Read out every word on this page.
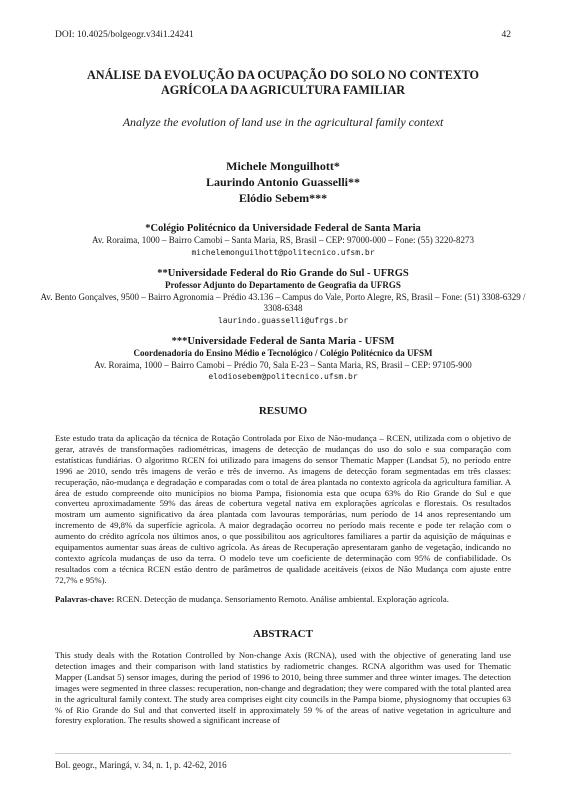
DOI: 10.4025/bolgeogr.v34i1.24241	42
ANÁLISE DA EVOLUÇÃO DA OCUPAÇÃO DO SOLO NO CONTEXTO
AGRÍCOLA DA AGRICULTURA FAMILIAR
Analyze the evolution of land use in the agricultural family context
Michele Monguilhott*
Laurindo Antonio Guasselli**
Elódio Sebem***
*Colégio Politécnico da Universidade Federal de Santa Maria
Av. Roraima, 1000 – Bairro Camobi – Santa Maria, RS, Brasil – CEP: 97000-000 – Fone: (55) 3220-8273
michelemonguilhott@politecnico.ufsm.br
**Universidade Federal do Rio Grande do Sul - UFRGS
Professor Adjunto do Departamento de Geografia da UFRGS
Av. Bento Gonçalves, 9500 – Bairro Agronomia – Prédio 43.136 – Campus do Vale, Porto Alegre, RS, Brasil – Fone: (51) 3308-6329 / 3308-6348
laurindo.guasselli@ufrgs.br
***Universidade Federal de Santa Maria - UFSM
Coordenadoria do Ensino Médio e Tecnológico / Colégio Politécnico da UFSM
Av. Roraima, 1000 – Bairro Camobi – Prédio 70, Sala E-23 – Santa Maria, RS, Brasil – CEP: 97105-900
elodiosebem@politecnico.ufsm.br
RESUMO
Este estudo trata da aplicação da técnica de Rotação Controlada por Eixo de Não-mudança – RCEN, utilizada com o objetivo de gerar, através de transformações radiométricas, imagens de detecção de mudanças do uso do solo e sua comparação com estatísticas fundiárias. O algoritmo RCEN foi utilizado para imagens do sensor Thematic Mapper (Landsat 5), no período entre 1996 ae 2010, sendo três imagens de verão e três de inverno. As imagens de detecção foram segmentadas em três classes: recuperação, não-mudança e degradação e comparadas com o total de área plantada no contexto agrícola da agricultura familiar. A área de estudo compreende oito municípios no bioma Pampa, fisionomia esta que ocupa 63% do Rio Grande do Sul e que converteu aproximadamente 59% das áreas de cobertura vegetal nativa em explorações agrícolas e florestais. Os resultados mostram um aumento significativo da área plantada com lavouras temporárias, num período de 14 anos representando um incremento de 49,8% da superfície agrícola. A maior degradação ocorreu no período mais recente e pode ter relação com o aumento do crédito agrícola nos últimos anos, o que possibilitou aos agricultores familiares a partir da aquisição de máquinas e equipamentos aumentar suas áreas de cultivo agrícola. As áreas de Recuperação apresentaram ganho de vegetação, indicando no contexto agrícola mudanças de uso da terra. O modelo teve um coeficiente de determinação com 95% de confiabilidade. Os resultados com a técnica RCEN estão dentro de parâmetros de qualidade aceitáveis (eixos de Não Mudança com ajuste entre 72,7% e 95%).
Palavras-chave: RCEN. Detecção de mudança. Sensoriamento Remoto. Análise ambiental. Exploração agrícola.
ABSTRACT
This study deals with the Rotation Controlled by Non-change Axis (RCNA), used with the objective of generating land use detection images and their comparison with land statistics by radiometric changes. RCNA algorithm was used for Thematic Mapper (Landsat 5) sensor images, during the period of 1996 to 2010, being three summer and three winter images. The detection images were segmented in three classes: recuperation, non-change and degradation; they were compared with the total planted area in the agricultural family context. The study area comprises eight city councils in the Pampa biome, physiognomy that occupies 63 % of Rio Grande do Sul and that converted itself in approximately 59 % of the areas of native vegetation in agriculture and forestry exploration. The results showed a significant increase of
Bol. geogr., Maringá, v. 34, n. 1, p. 42-62, 2016
